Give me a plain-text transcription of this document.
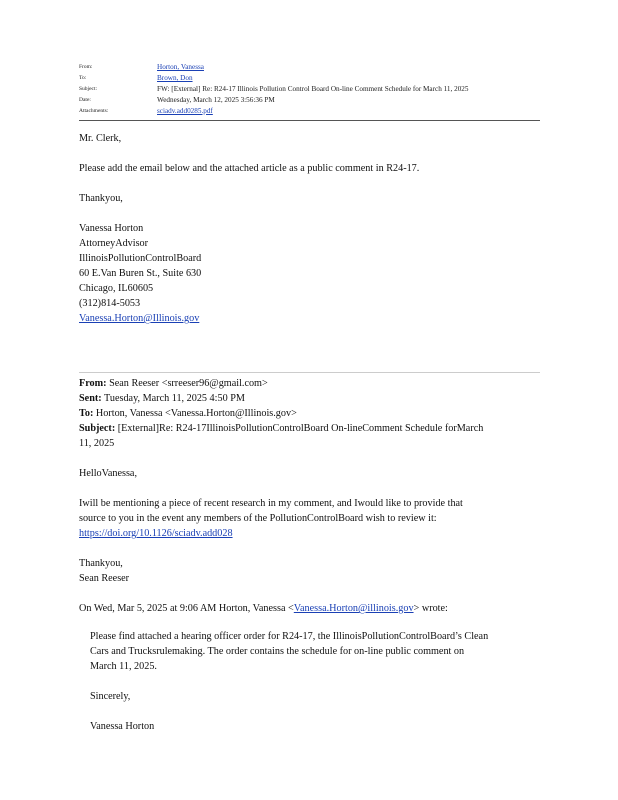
From:	Horton, Vanessa
To:	Brown, Don
Subject:	FW: [External] Re: R24-17 Illinois Pollution Control Board On-line Comment Schedule for March 11, 2025
Date:	Wednesday, March 12, 2025 3:56:36 PM
Attachments:	sciadv.add0285.pdf
Mr. Clerk,
Please add the email below and the attached article as a public comment in R24-17.
Thankyou,
Vanessa Horton
AttorneyAdvisor
IllinoisPollutionControlBoard
60 E.Van Buren St., Suite 630
Chicago, IL60605
(312)814-5053
Vanessa.Horton@Illinois.gov
From: Sean Reeser <srreeser96@gmail.com>
Sent: Tuesday, March 11, 2025 4:50 PM
To: Horton, Vanessa <Vanessa.Horton@Illinois.gov>
Subject: [External]Re: R24-17IllinoisPollutionControlBoard On-lineComment Schedule forMarch
11, 2025
HelloVanessa,
Iwill be mentioning a piece of recent research in my comment, and Iwould like to provide that
source to you in the event any members of the PollutionControlBoard wish to review it:
https://doi.org/10.1126/sciadv.add028
Thankyou,
Sean Reeser
On Wed, Mar 5, 2025 at 9:06 AM Horton, Vanessa <Vanessa.Horton@illinois.gov> wrote:
Please find attached a hearing officer order for R24-17, the IllinoisPollutionControlBoard’s Clean
Cars and Trucksrulemaking. The order contains the schedule for on-line public comment on
March 11, 2025.
Sincerely,
Vanessa Horton
